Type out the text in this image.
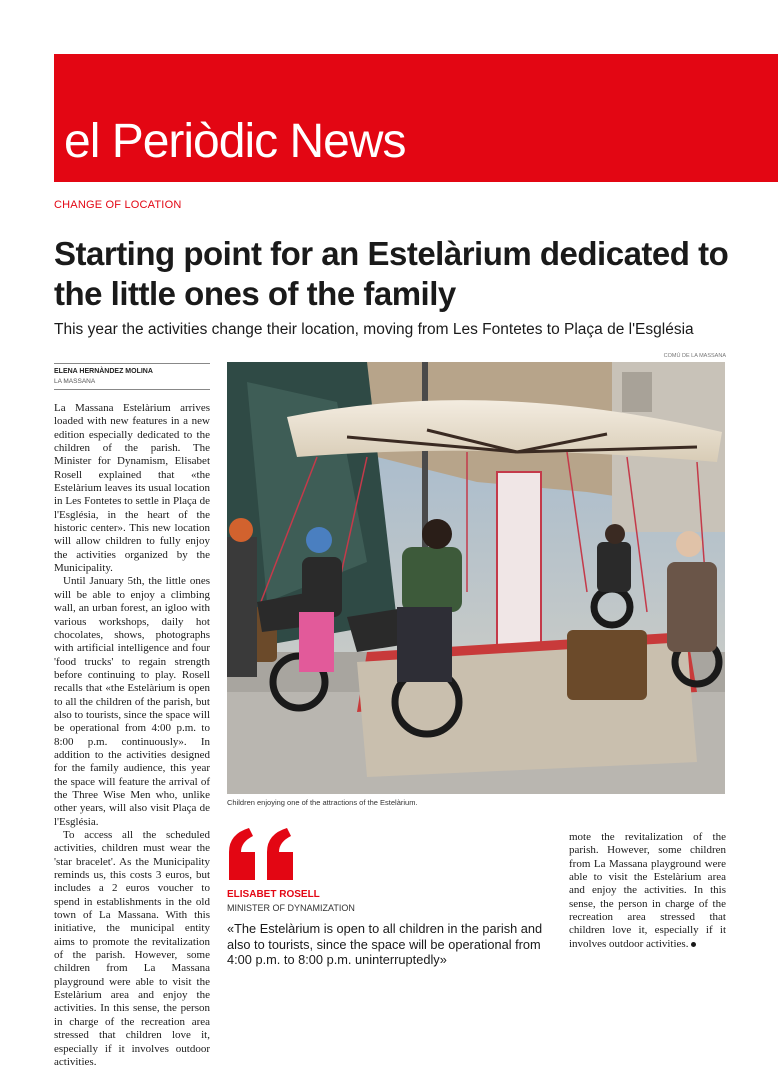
el Periòdic News
CHANGE OF LOCATION
Starting point for an Estelàrium dedicated to the little ones of the family
This year the activities change their location, moving from Les Fontetes to Plaça de l'Església
ELENA HERNÀNDEZ MOLINA
LA MASSANA
COMÚ DE LA MASSANA

La Massana Estelàrium arrives loaded with new features in a new edition especially dedicated to the children of the parish. The Minister for Dynamism, Elisabet Rosell explained that «the Estelàrium leaves its usual location in Les Fontetes to settle in Plaça de l'Església, in the heart of the historic center». This new location will allow children to fully enjoy the activities organized by the Municipality.

Until January 5th, the little ones will be able to enjoy a climbing wall, an urban forest, an igloo with various workshops, daily hot chocolates, shows, photographs with artificial intelligence and four 'food trucks' to regain strength before continuing to play. Rosell recalls that «the Estelàrium is open to all the children of the parish, but also to tourists, since the space will be operational from 4:00 p.m. to 8:00 p.m. continuously». In addition to the activities designed for the family audience, this year the space will feature the arrival of the Three Wise Men who, unlike other years, will also visit Plaça de l'Església.

To access all the scheduled activities, children must wear the 'star bracelet'. As the Municipality reminds us, this costs 3 euros, but includes a 2 euros voucher to spend in establishments in the old town of La Massana. With this initiative, the municipal entity aims to promote the revitalization of the parish. However, some children from La Massana playground were able to visit the Estelàrium area and enjoy the activities. In this sense, the person in charge of the recreation area stressed that children love it, especially if it involves outdoor activities.

Children enjoying one of the attractions of the Estelàrium.
ELISABET ROSELL
MINISTER OF DYNAMIZATION
«The Estelàrium is open to all children in the parish and also to tourists, since the space will be operational from 4:00 p.m. to 8:00 p.m. uninterruptedly»

mote the revitalization of the parish. However, some children from La Massana playground were able to visit the Estelàrium area and enjoy the activities. In this sense, the person in charge of the recreation area stressed that children love it, especially if it involves outdoor activities.
